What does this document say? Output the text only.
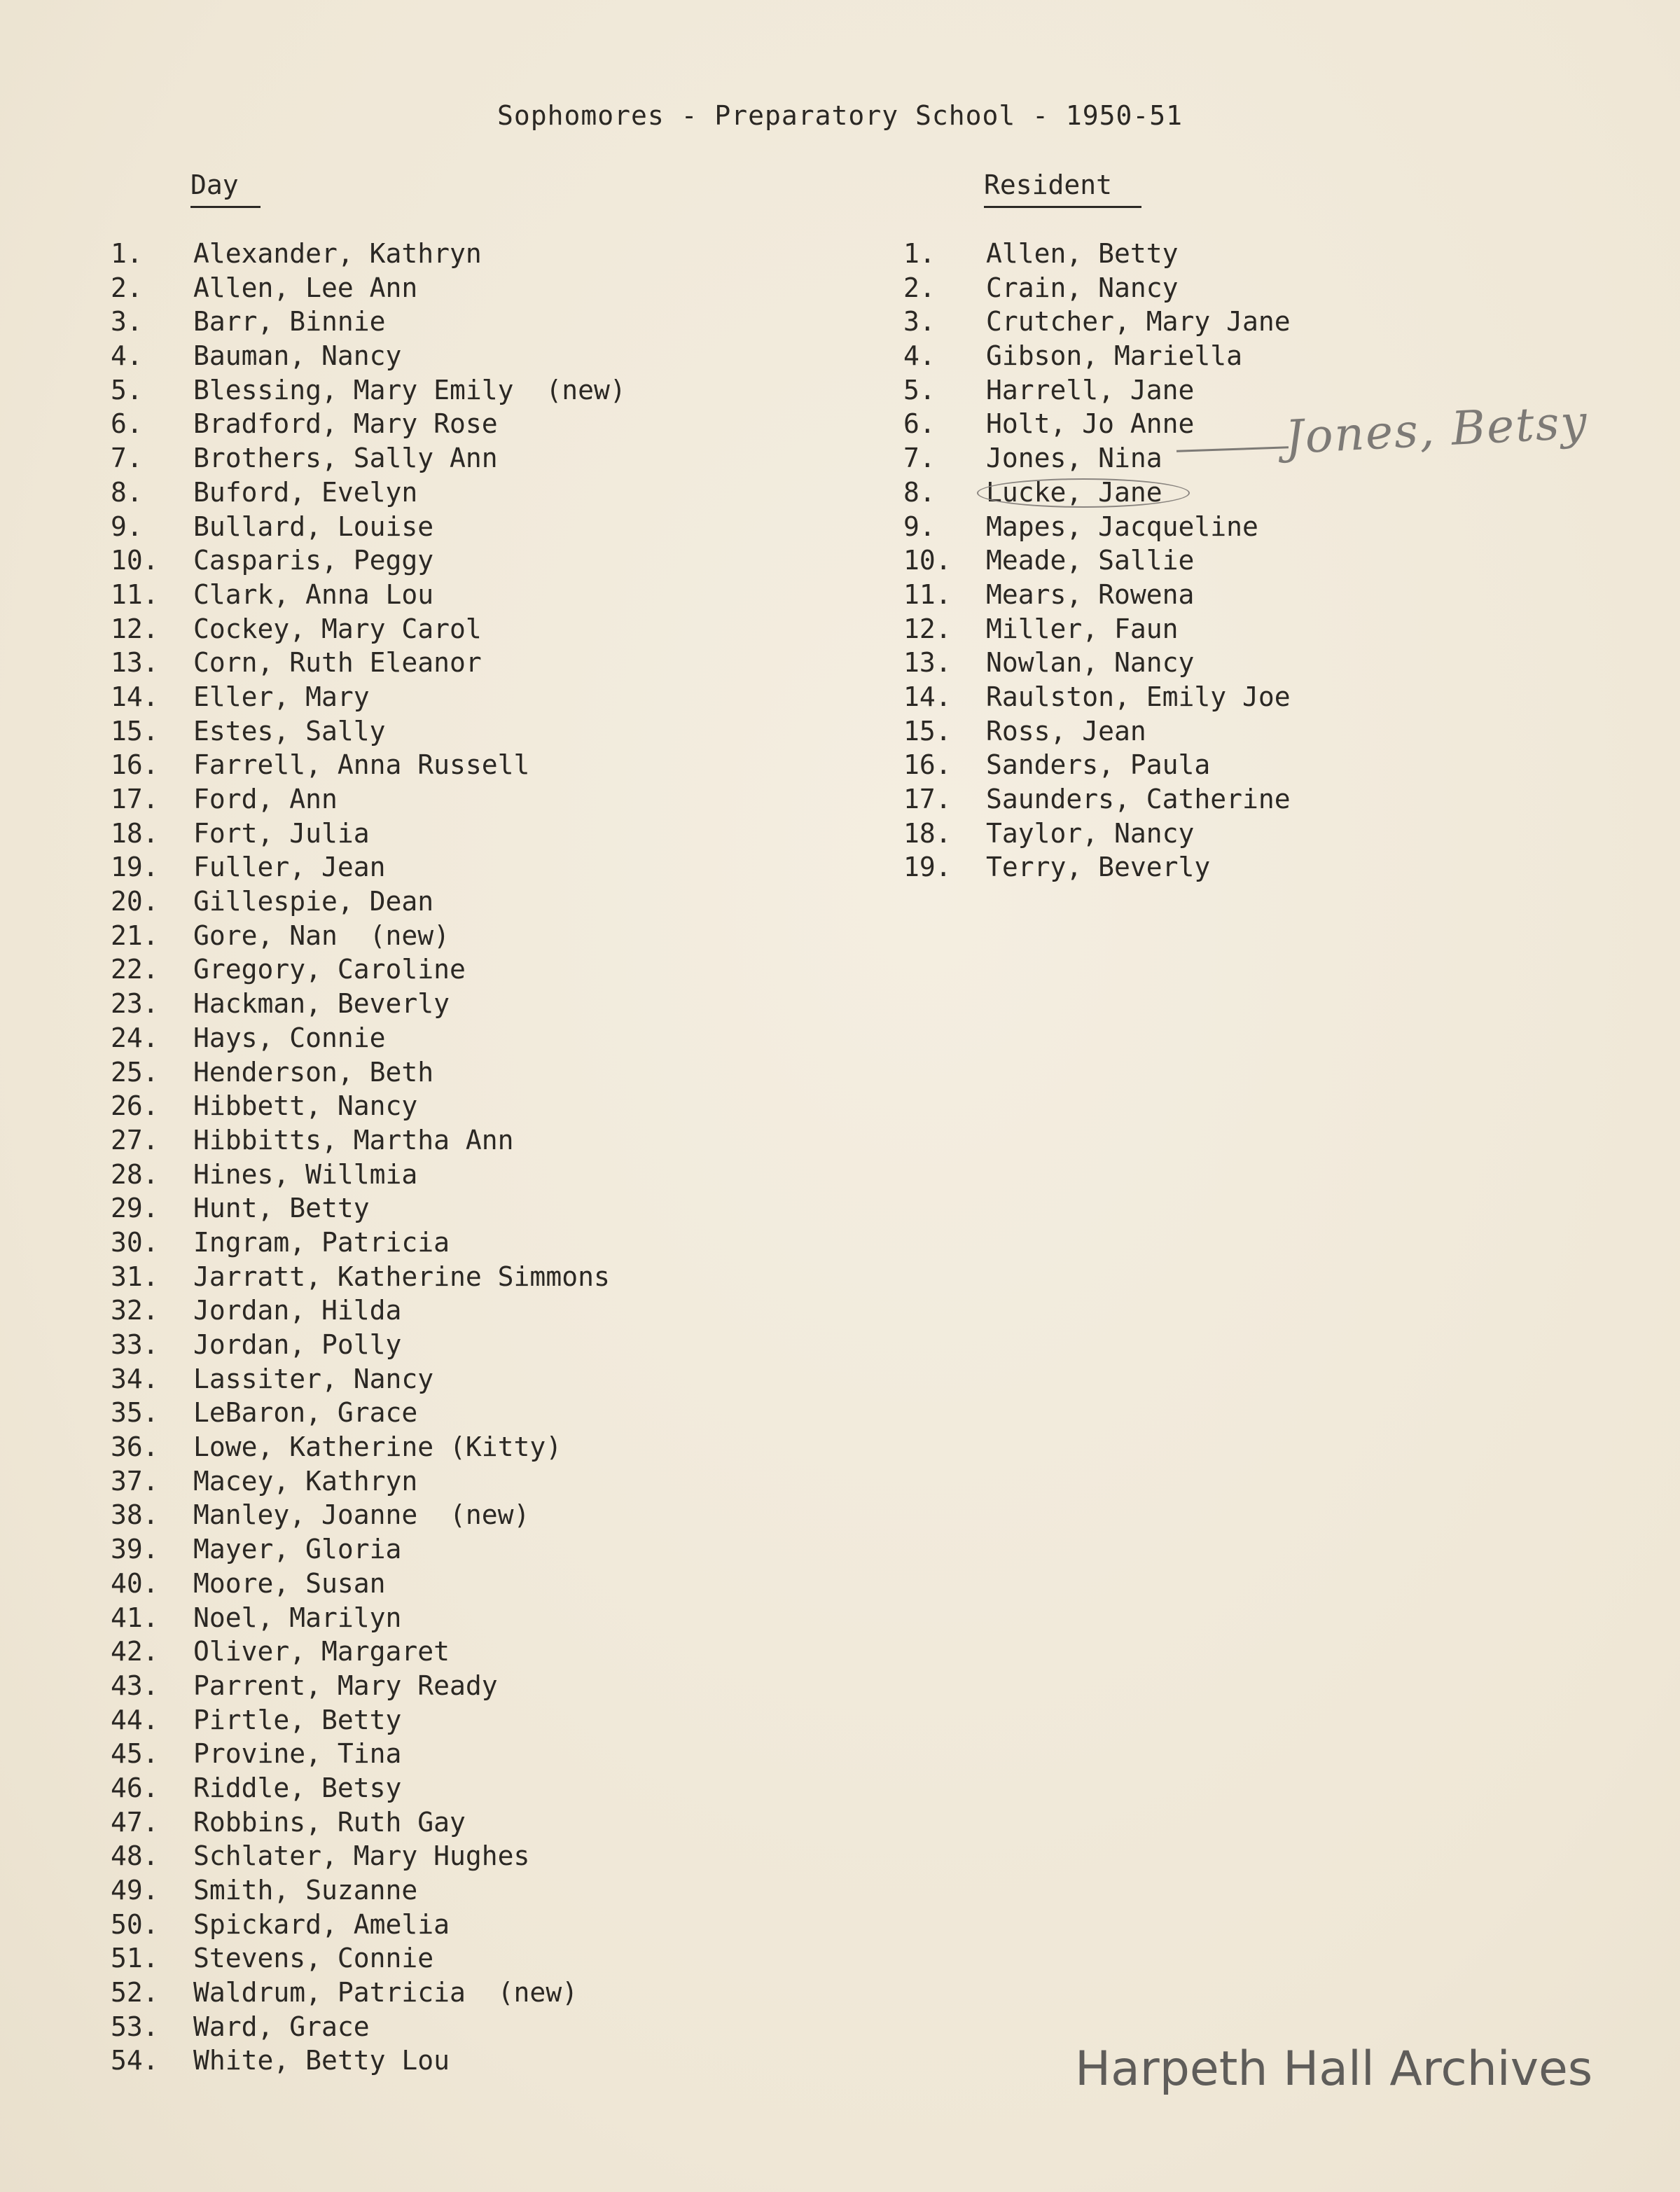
Sophomores - Preparatory School - 1950-51
Day	Resident
1. Alexander, Kathryn
2. Allen, Lee Ann
3. Barr, Binnie
4. Bauman, Nancy
5. Blessing, Mary Emily  (new)
6. Bradford, Mary Rose
7. Brothers, Sally Ann
8. Buford, Evelyn
9. Bullard, Louise
10. Casparis, Peggy
11. Clark, Anna Lou
12. Cockey, Mary Carol
13. Corn, Ruth Eleanor
14. Eller, Mary
15. Estes, Sally
16. Farrell, Anna Russell
17. Ford, Ann
18. Fort, Julia
19. Fuller, Jean
20. Gillespie, Dean
21. Gore, Nan  (new)
22. Gregory, Caroline
23. Hackman, Beverly
24. Hays, Connie
25. Henderson, Beth
26. Hibbett, Nancy
27. Hibbitts, Martha Ann
28. Hines, Willmia
29. Hunt, Betty
30. Ingram, Patricia
31. Jarratt, Katherine Simmons
32. Jordan, Hilda
33. Jordan, Polly
34. Lassiter, Nancy
35. LeBaron, Grace
36. Lowe, Katherine (Kitty)
37. Macey, Kathryn
38. Manley, Joanne  (new)
39. Mayer, Gloria
40. Moore, Susan
41. Noel, Marilyn
42. Oliver, Margaret
43. Parrent, Mary Ready
44. Pirtle, Betty
45. Provine, Tina
46. Riddle, Betsy
47. Robbins, Ruth Gay
48. Schlater, Mary Hughes
49. Smith, Suzanne
50. Spickard, Amelia
51. Stevens, Connie
52. Waldrum, Patricia  (new)
53. Ward, Grace
54. White, Betty Lou
1. Allen, Betty
2. Crain, Nancy
3. Crutcher, Mary Jane
4. Gibson, Mariella
5. Harrell, Jane
6. Holt, Jo Anne
7. Jones, Nina
8. Lucke, Jane
9. Mapes, Jacqueline
10. Meade, Sallie
11. Mears, Rowena
12. Miller, Faun
13. Nowlan, Nancy
14. Raulston, Emily Joe
15. Ross, Jean
16. Sanders, Paula
17. Saunders, Catherine
18. Taylor, Nancy
19. Terry, Beverly
Jones, Betsy
Harpeth Hall Archives
